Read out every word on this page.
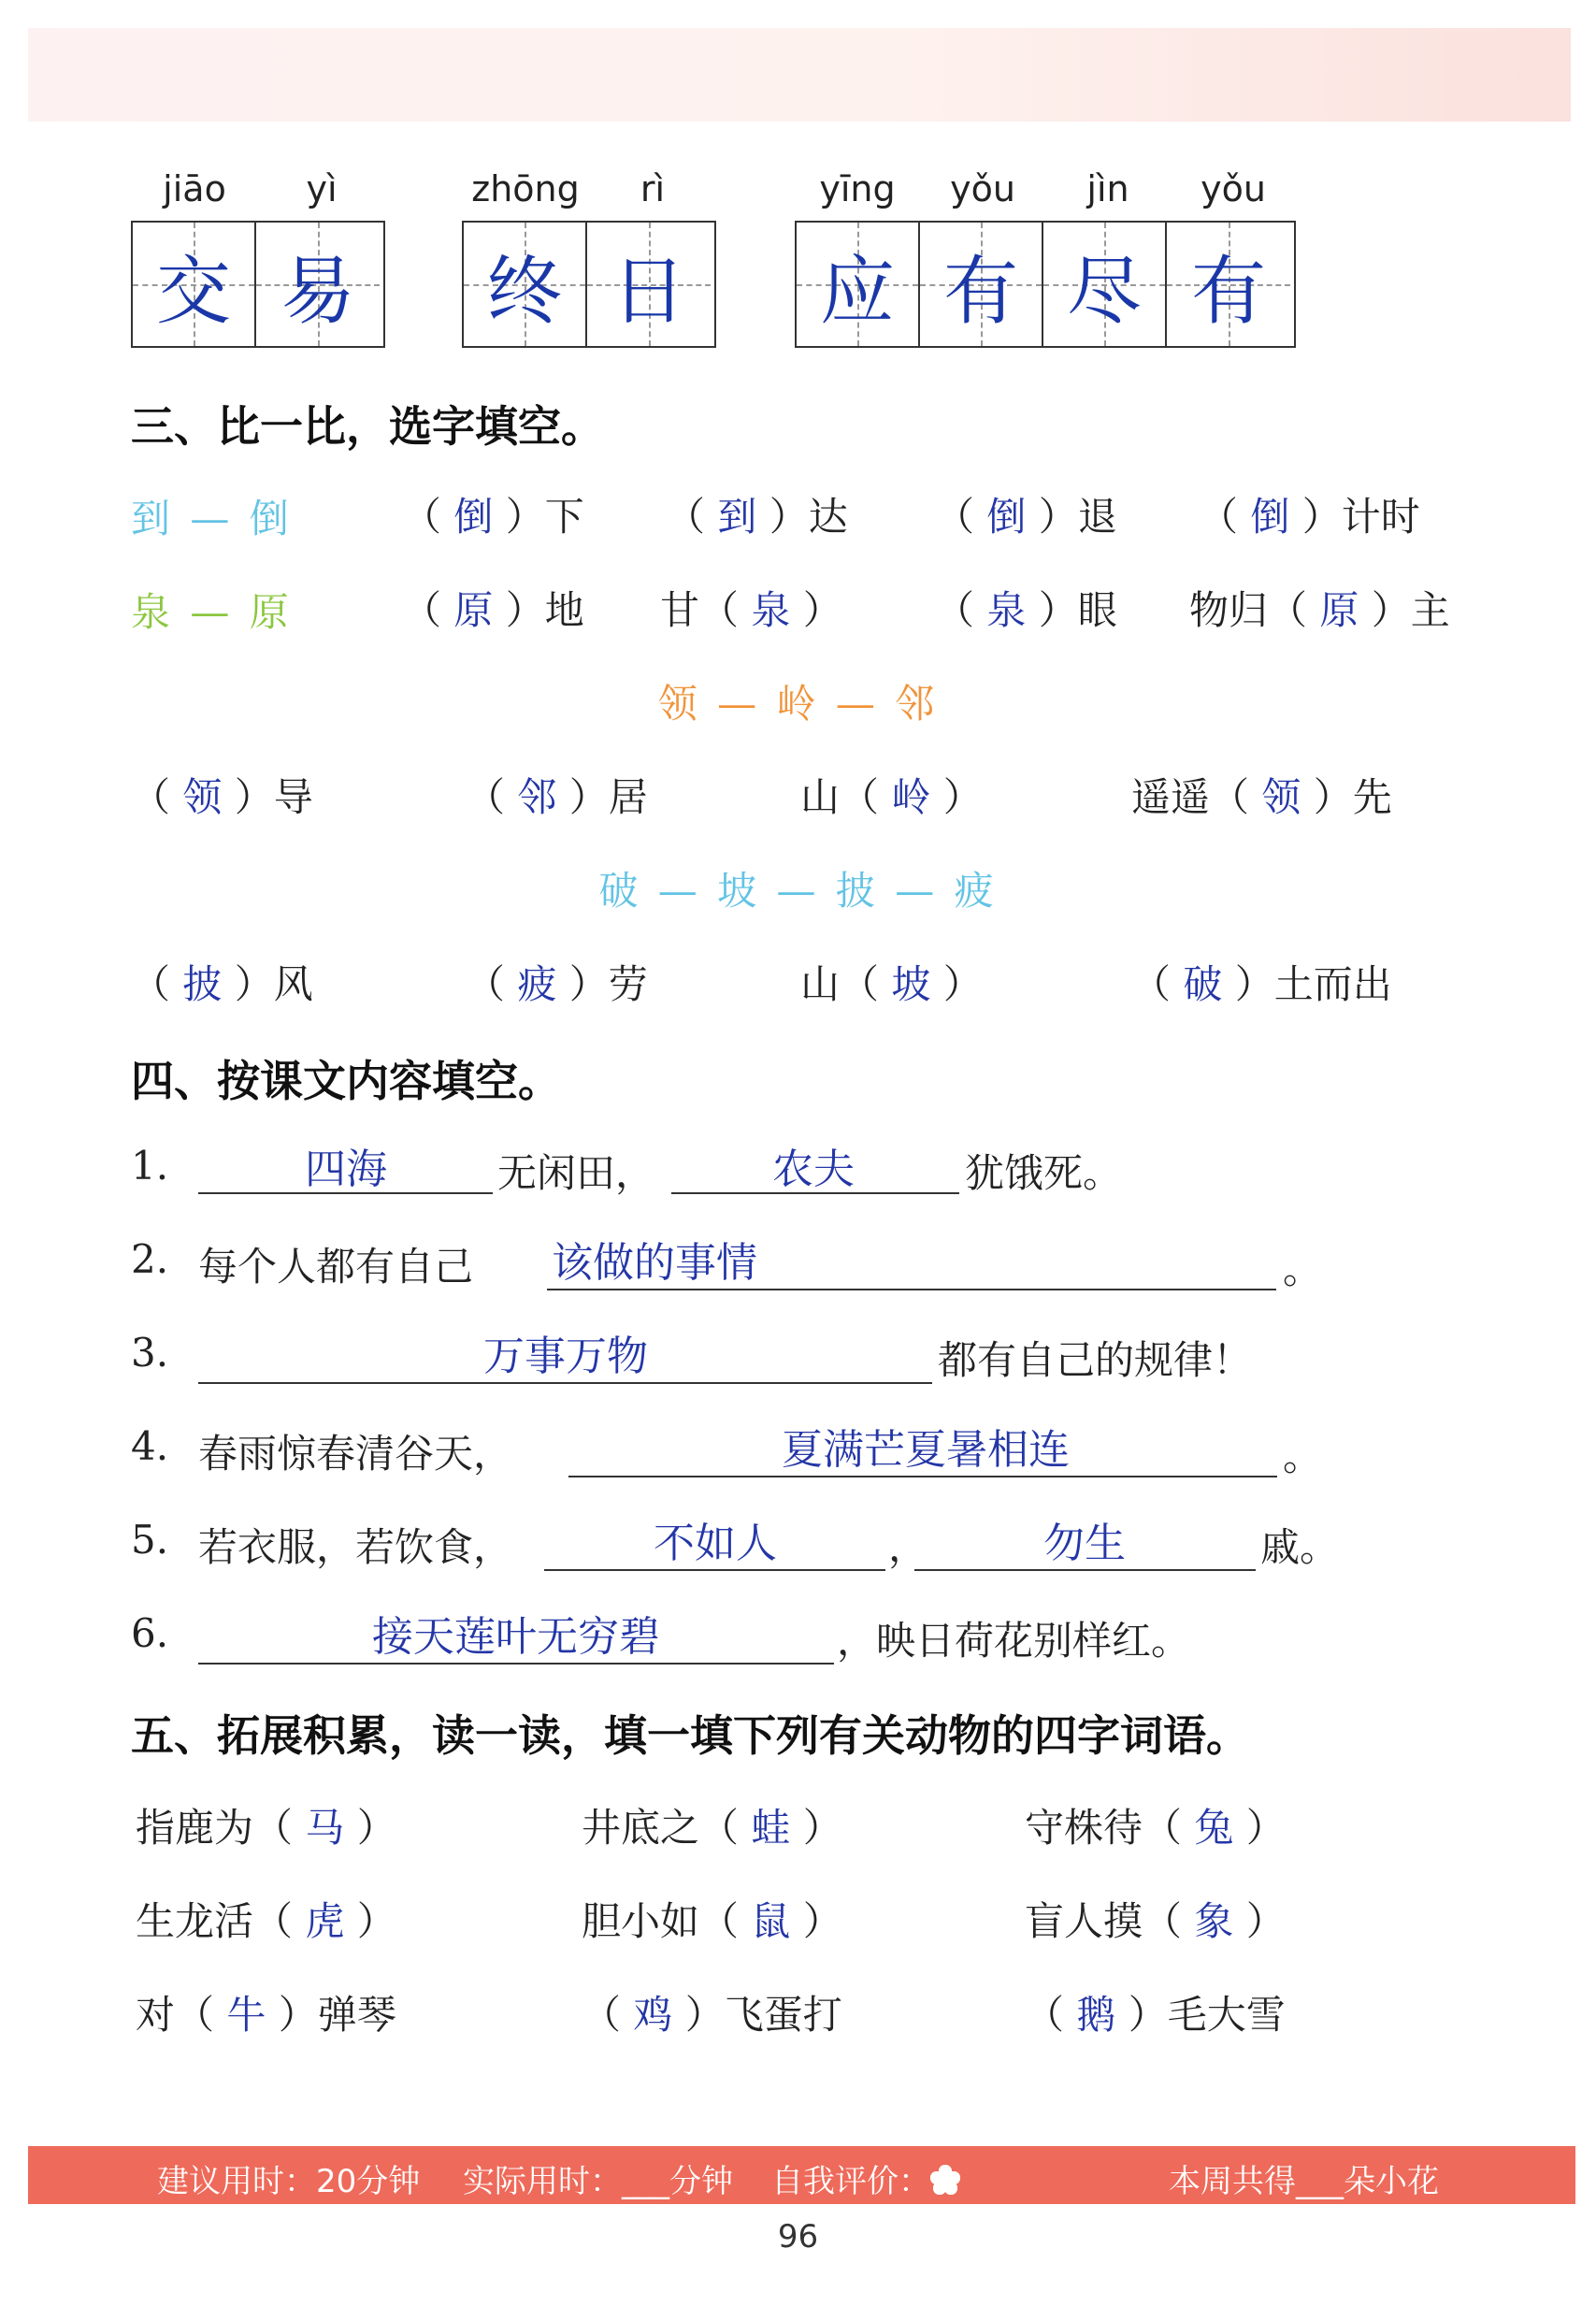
jiāo	yì
交 易
zhōng	rì
终 日
yīng	yǒu	jìn	yǒu
应 有 尽 有
三、比一比，选字填空。
到 — 倒	（ 倒 ）下 （ 到 ）达 （ 倒 ）退 （ 倒 ）计时
泉 — 原	（ 原 ）地 甘（ 泉 ） （ 泉 ）眼 物归（ 原 ）主
领 — 岭 — 邻
（ 领 ）导	（ 邻 ）居	山（ 岭 ）	遥遥（ 领 ）先
破 — 坡 — 披 — 疲
（ 披 ）风	（ 疲 ）劳	山（ 坡 ）	（ 破 ）土而出
四、按课文内容填空。
1.	四海	无闲田，	农夫	犹饿死。
2. 每个人都有自己 该做的事情	。
3.	万事万物	都有自己的规律！
4. 春雨惊春清谷天，	夏满芒夏暑相连	。
5. 若衣服，若饮食，	不如人	，	勿生	戚。
6.	接天莲叶无穷碧	，映日荷花别样红。
五、拓展积累，读一读，填一填下列有关动物的四字词语。
指鹿为（ 马 ）	井底之（ 蛙 ）	守株待（ 兔 ）
生龙活（ 虎 ）	胆小如（ 鼠 ）	盲人摸（ 象 ）
对（ 牛 ）弹琴	（ 鸡 ）飞蛋打	（ 鹅 ）毛大雪
建议用时：20分钟 实际用时：___分钟 自我评价：	本周共得___朵小花
96
